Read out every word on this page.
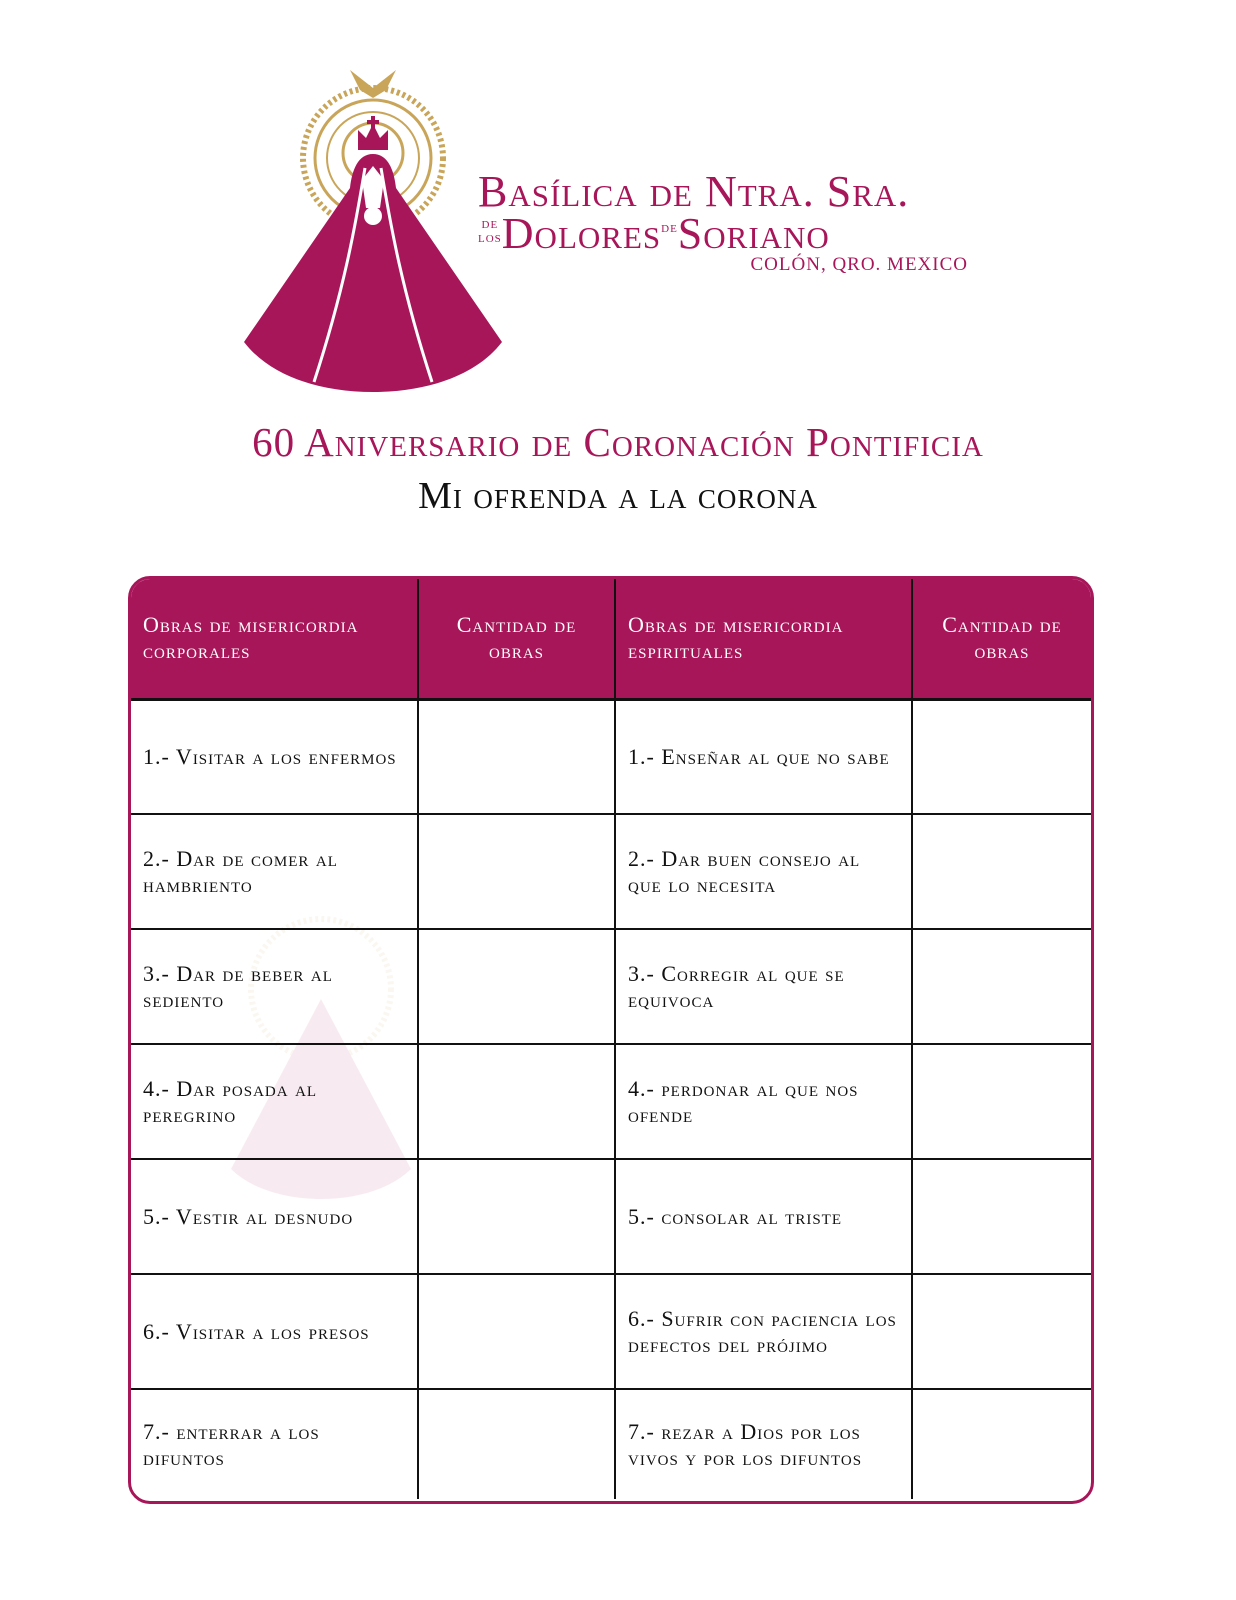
Basílica de Ntra. Sra.
de
losDolores$^{de}$Soriano
COLÓN, QRO. MEXICO
60 Aniversario de Coronación Pontificia
Mi ofrenda a la corona
Obras de misericordia corporales	Cantidad de obras	Obras de misericordia espirituales	Cantidad de obras
1.- Visitar a los enfermos		1.- Enseñar al que no sabe	
2.- Dar de comer al hambriento		2.- Dar buen consejo al que lo necesita	
3.- Dar de beber al sediento		3.- Corregir al que se equivoca	
4.- Dar posada al peregrino		4.- perdonar al que nos ofende	
5.- Vestir al desnudo		5.- consolar al triste	
6.- Visitar a los presos		6.- Sufrir con paciencia los defectos del prójimo	
7.- enterrar a los difuntos		7.- rezar a Dios por los vivos y por los difuntos	
